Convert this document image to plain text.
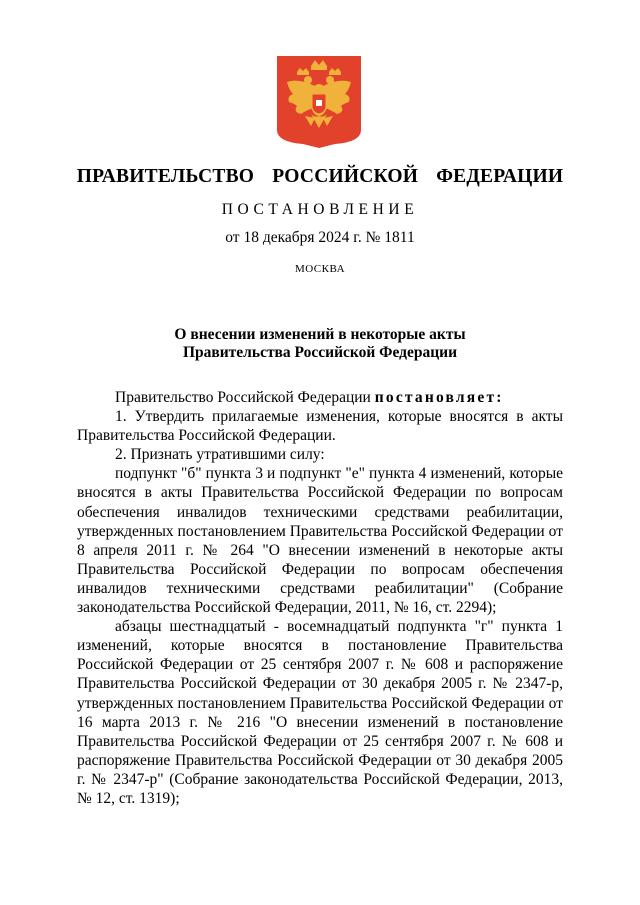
ПРАВИТЕЛЬСТВО  РОССИЙСКОЙ  ФЕДЕРАЦИИ
ПОСТАНОВЛЕНИЕ
от 18 декабря 2024 г. № 1811
МОСКВА
О внесении изменений в некоторые акты
Правительства Российской Федерации

Правительство Российской Федерации постановляет:

1. Утвердить прилагаемые изменения, которые вносятся в акты Правительства Российской Федерации.

2. Признать утратившими силу:

подпункт "б" пункта 3 и подпункт "е" пункта 4 изменений, которые вносятся в акты Правительства Российской Федерации по вопросам обеспечения инвалидов техническими средствами реабилитации, утвержденных постановлением Правительства Российской Федерации от 8 апреля 2011 г. № 264 "О внесении изменений в некоторые акты Правительства Российской Федерации по вопросам обеспечения инвалидов техническими средствами реабилитации" (Собрание законодательства Российской Федерации, 2011, № 16, ст. 2294);

абзацы шестнадцатый - восемнадцатый подпункта "г" пункта 1 изменений, которые вносятся в постановление Правительства Российской Федерации от 25 сентября 2007 г. № 608 и распоряжение Правительства Российской Федерации от 30 декабря 2005 г. № 2347-р, утвержденных постановлением Правительства Российской Федерации от 16 марта 2013 г. № 216 "О внесении изменений в постановление Правительства Российской Федерации от 25 сентября 2007 г. № 608 и распоряжение Правительства Российской Федерации от 30 декабря 2005 г. № 2347-р" (Собрание законодательства Российской Федерации, 2013, № 12, ст. 1319);
